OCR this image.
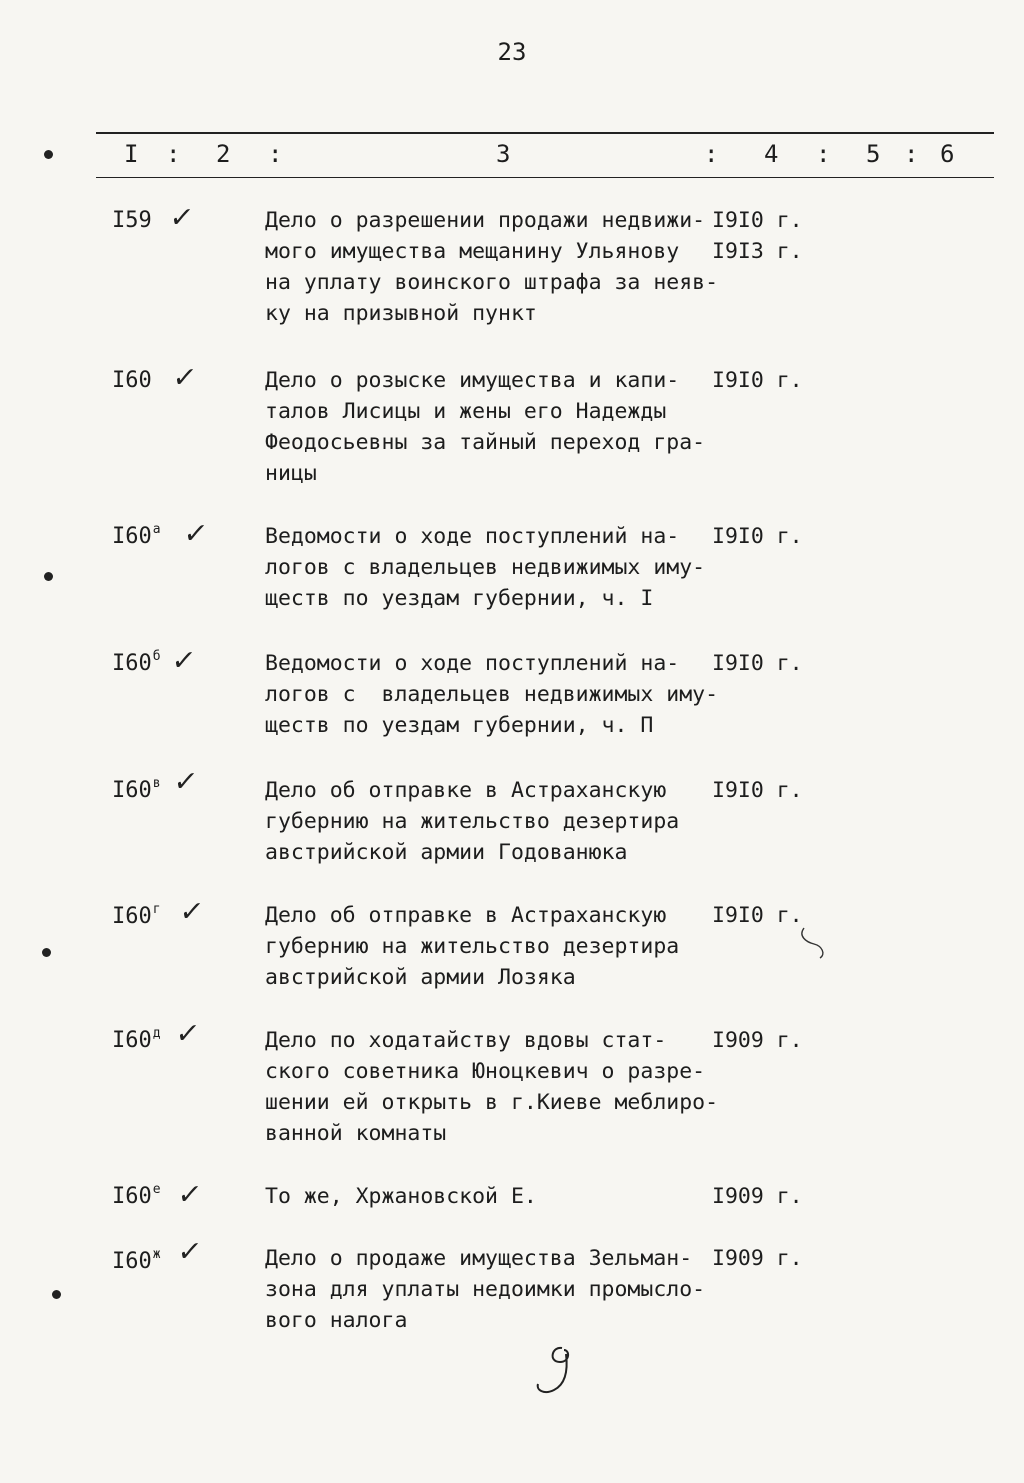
23
I : 2 :	3	: 4 : 5 : 6
I59 ✓	Дело о разрешении продажи недвижи-
мого имущества мещанину Ульянову
на уплату воинского штрафа за неяв-
ку на призывной пункт
I9I0 г.
I9I3 г.
I60 ✓	Дело о розыске имущества и капи-
талов Лисицы и жены его Надежды
Феодосьевны за тайный переход гра-
ницы
I9I0 г.
$I60^а$ ✓	Ведомости о ходе поступлений на-
логов с владельцев недвижимых иму-
ществ по уездам губернии, ч. I
I9I0 г.
$I60^б$ ✓	Ведомости о ходе поступлений на-
логов с  владельцев недвижимых иму-
ществ по уездам губернии, ч. П
I9I0 г.
$I60^в$ ✓	Дело об отправке в Астраханскую
губернию на жительство дезертира
австрийской армии Годованюка
I9I0 г.
$I60^г$ ✓	Дело об отправке в Астраханскую
губернию на жительство дезертира
австрийской армии Лозяка
I9I0 г.
$I60^д$ ✓	Дело по ходатайству вдовы стат-
ского советника Юноцкевич о разре-
шении ей открыть в г.Киеве меблиро-
ванной комнаты
I909 г.
$I60^е$ ✓	То же, Хржановской Е.	I909 г.
$I60^ж$ ✓	Дело о продаже имущества Зельман-
зона для уплаты недоимки промысло-
вого налога
I909 г.
